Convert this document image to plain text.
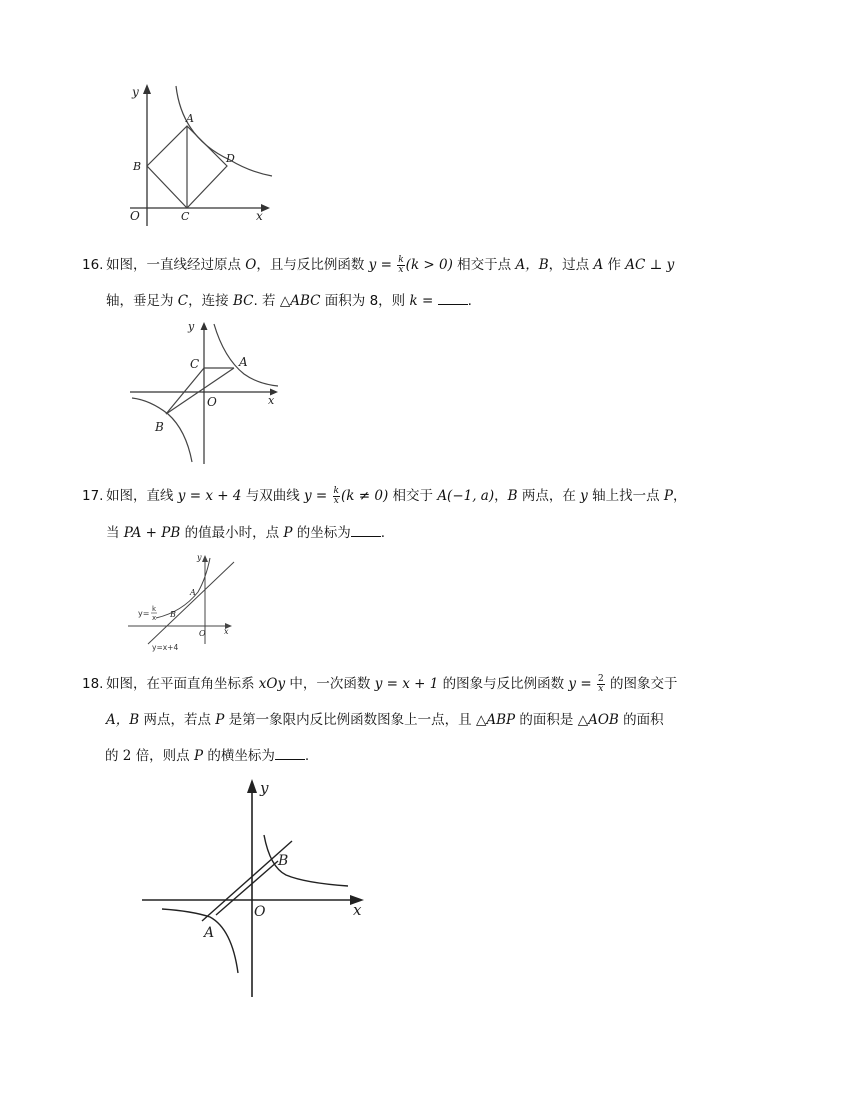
y
x
O
A
B
C
D
16. 如图，一直线经过原点 O，且与反比例函数 $y = \frac{k}{x} (k > 0)$ 相交于点 A，B，过点 A 作 AC ⊥ y
轴，垂足为 C，连接 BC. 若 △ABC 面积为 8，则 k =	.
y
x
O
A
B
C
17. 如图，直线 y = x + 4 与双曲线 $y = \frac{k}{x} (k \ne 0)$ 相交于 A(−1, a)，B 两点，在 y 轴上找一点 P，
当 PA + PB 的值最小时，点 P 的坐标为 .
y
x
O
A
B
y= k
x
y=x+4
18. 如图，在平面直角坐标系 xOy 中，一次函数 y = x + 1 的图象与反比例函数 $y = \frac{2}{x}$ 的图象交于
A，B 两点，若点 P 是第一象限内反比例函数图象上一点，且 △ABP 的面积是 △AOB 的面积
的 2 倍，则点 P 的横坐标为 .
y
x
O
A
B
